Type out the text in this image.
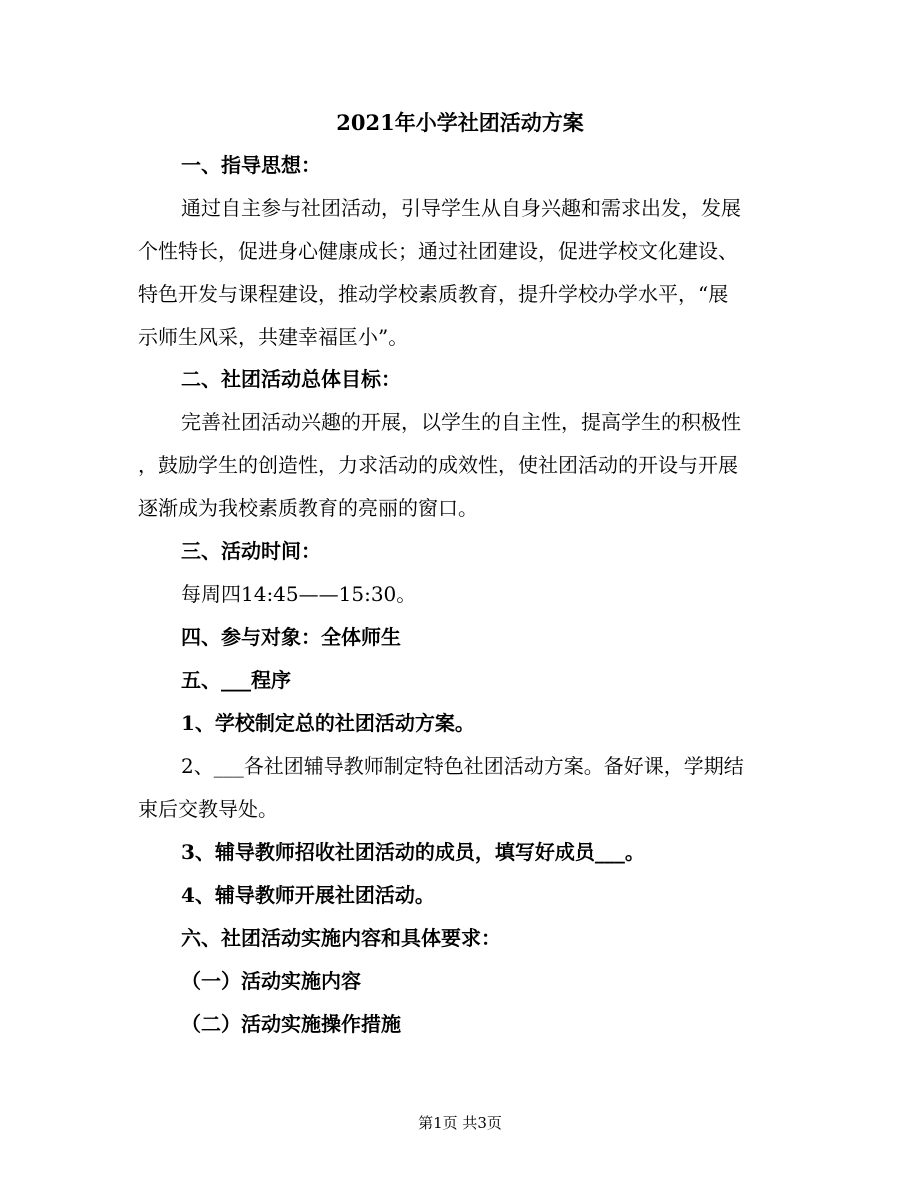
2021年小学社团活动方案
一、指导思想：
通过自主参与社团活动，引导学生从自身兴趣和需求出发，发展
个性特长，促进身心健康成长；通过社团建设，促进学校文化建设、
特色开发与课程建设，推动学校素质教育，提升学校办学水平，“展
示师生风采，共建幸福匡小”。
二、社团活动总体目标：
完善社团活动兴趣的开展，以学生的自主性，提高学生的积极性
，鼓励学生的创造性，力求活动的成效性，使社团活动的开设与开展
逐渐成为我校素质教育的亮丽的窗口。
三、活动时间：
每周四14:45——15:30。
四、参与对象：全体师生
五、___程序
1、学校制定总的社团活动方案。
2、___各社团辅导教师制定特色社团活动方案。备好课，学期结
束后交教导处。
3、辅导教师招收社团活动的成员，填写好成员___。
4、辅导教师开展社团活动。
六、社团活动实施内容和具体要求：
（一）活动实施内容
（二）活动实施操作措施
第1页 共3页
